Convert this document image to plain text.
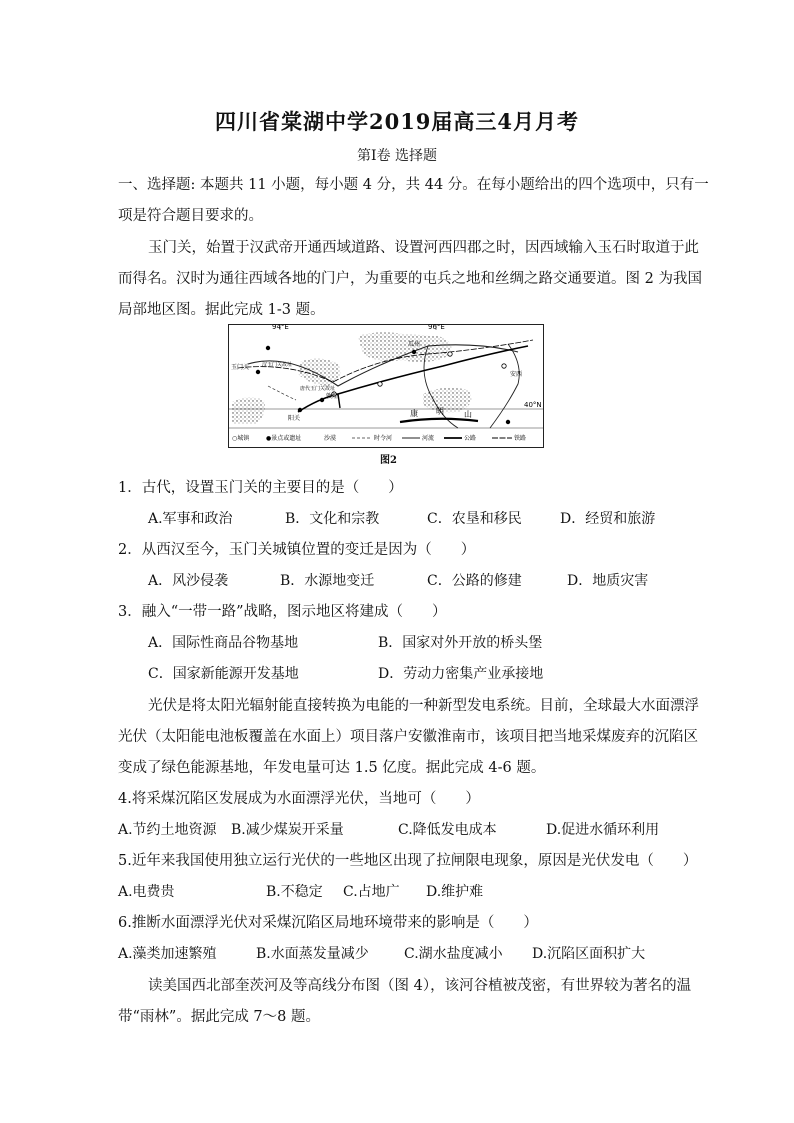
四川省棠湖中学2019届高三4月月考
第Ⅰ卷 选择题
一、选择题: 本题共 11 小题，每小题 4 分，共 44 分。在每小题给出的四个选项中，只有一
项是符合题目要求的。
玉门关，始置于汉武帝开通西域道路、设置河西四郡之时，因西域输入玉石时取道于此
而得名。汉时为通往西域各地的门户，为重要的屯兵之地和丝绸之路交通要道。图 2 为我国
局部地区图。据此完成 1-3 题。
94°E	96°E
40°N
康 明	山
玉门关	汉玉门关故址
唐代玉门关故址
安西
敦煌
瓜州
阳关
○城镇	●景点或遗址	沙漠	时令河	河流	公路	铁路
图2
1．古代，设置玉门关的主要目的是（　　）
A.军事和政治	B．文化和宗教	C．农垦和移民	D．经贸和旅游
2．从西汉至今，玉门关城镇位置的变迁是因为（　　）
A．风沙侵袭	B．水源地变迁	C．公路的修建	D．地质灾害
3．融入“一带一路”战略，图示地区将建成（　　）
A．国际性商品谷物基地	B．国家对外开放的桥头堡
C．国家新能源开发基地	D．劳动力密集产业承接地
光伏是将太阳光辐射能直接转换为电能的一种新型发电系统。目前，全球最大水面漂浮
光伏（太阳能电池板覆盖在水面上）项目落户安徽淮南市，该项目把当地采煤废弃的沉陷区
变成了绿色能源基地，年发电量可达 1.5 亿度。据此完成 4-6 题。
4.将采煤沉陷区发展成为水面漂浮光伏，当地可（　　）
A.节约土地资源 B.减少煤炭开采量	C.降低发电成本	D.促进水循环利用
5.近年来我国使用独立运行光伏的一些地区出现了拉闸限电现象，原因是光伏发电（　　）
A.电费贵	B.不稳定 C.占地广 D.维护难
6.推断水面漂浮光伏对采煤沉陷区局地环境带来的影响是（　　）
A.藻类加速繁殖	B.水面蒸发量减少	C.湖水盐度减小 D.沉陷区面积扩大
读美国西北部奎茨河及等高线分布图（图 4），该河谷植被茂密，有世界较为著名的温
带“雨林”。据此完成 7～8 题。
